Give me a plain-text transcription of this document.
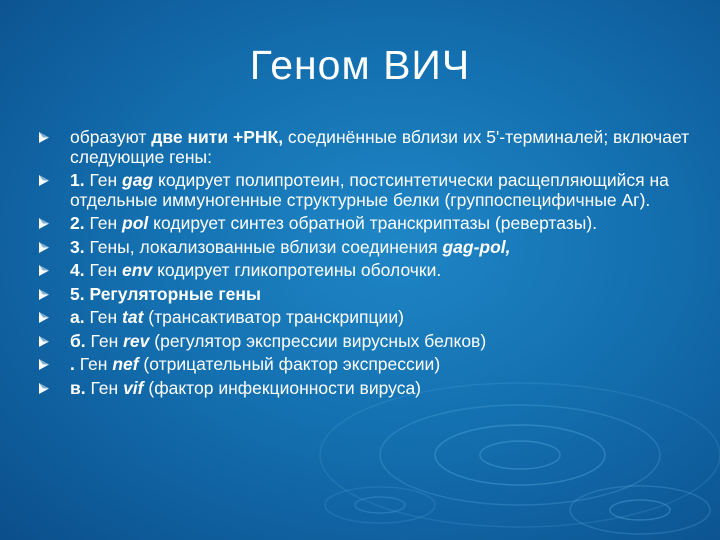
Геном ВИЧ
образуют две нити +РНК, соединённые вблизи их 5'-терминалей; включает следующие гены:
1. Ген gag кодирует полипротеин, постсинтетически расщепляющийся на отдельные иммуногенные структурные белки (группоспецифичные Аг).
2. Ген pol кодирует синтез обратной транскриптазы (ревертазы).
3. Гены, локализованные вблизи соединения gag-pol,
4. Ген env кодирует гликопротеины оболочки.
5. Регуляторные гены
а. Ген tat (трансактиватор транскрипции)
б. Ген rev (регулятор экспрессии вирусных белков)
. Ген nef (отрицательный фактор экспрессии)
в. Ген vif (фактор инфекционности вируса)
